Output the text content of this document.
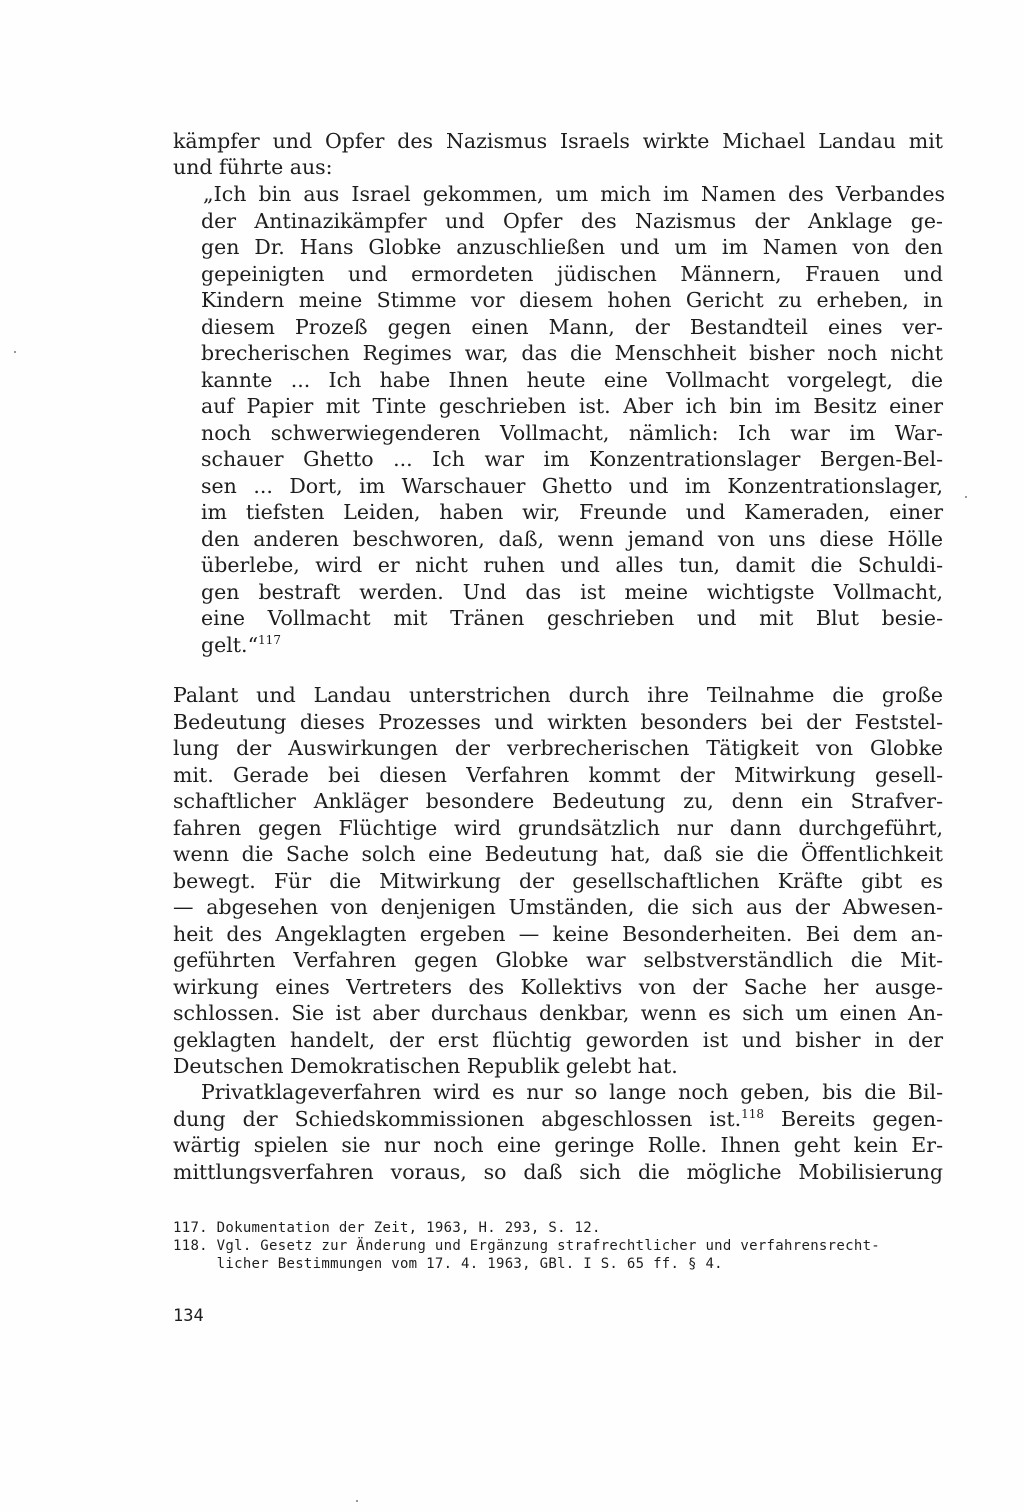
kämpfer und Opfer des Nazismus Israels wirkte Michael Landau mit
und führte aus:
„Ich bin aus Israel gekommen, um mich im Namen des Verbandes
der Antinazikämpfer und Opfer des Nazismus der Anklage ge-
gen Dr. Hans Globke anzuschließen und um im Namen von den
gepeinigten und ermordeten jüdischen Männern, Frauen und
Kindern meine Stimme vor diesem hohen Gericht zu erheben, in
diesem Prozeß gegen einen Mann, der Bestandteil eines ver-
brecherischen Regimes war, das die Menschheit bisher noch nicht
kannte ... Ich habe Ihnen heute eine Vollmacht vorgelegt, die
auf Papier mit Tinte geschrieben ist. Aber ich bin im Besitz einer
noch schwerwiegenderen Vollmacht, nämlich: Ich war im War-
schauer Ghetto ... Ich war im Konzentrationslager Bergen-Bel-
sen ... Dort, im Warschauer Ghetto und im Konzentrationslager,
im tiefsten Leiden, haben wir, Freunde und Kameraden, einer
den anderen beschworen, daß, wenn jemand von uns diese Hölle
überlebe, wird er nicht ruhen und alles tun, damit die Schuldi-
gen bestraft werden. Und das ist meine wichtigste Vollmacht,
eine Vollmacht mit Tränen geschrieben und mit Blut besie-
gelt.“$^{117}$
Palant und Landau unterstrichen durch ihre Teilnahme die große
Bedeutung dieses Prozesses und wirkten besonders bei der Feststel-
lung der Auswirkungen der verbrecherischen Tätigkeit von Globke
mit. Gerade bei diesen Verfahren kommt der Mitwirkung gesell-
schaftlicher Ankläger besondere Bedeutung zu, denn ein Strafver-
fahren gegen Flüchtige wird grundsätzlich nur dann durchgeführt,
wenn die Sache solch eine Bedeutung hat, daß sie die Öffentlichkeit
bewegt. Für die Mitwirkung der gesellschaftlichen Kräfte gibt es
— abgesehen von denjenigen Umständen, die sich aus der Abwesen-
heit des Angeklagten ergeben — keine Besonderheiten. Bei dem an-
geführten Verfahren gegen Globke war selbstverständlich die Mit-
wirkung eines Vertreters des Kollektivs von der Sache her ausge-
schlossen. Sie ist aber durchaus denkbar, wenn es sich um einen An-
geklagten handelt, der erst flüchtig geworden ist und bisher in der
Deutschen Demokratischen Republik gelebt hat.
Privatklageverfahren wird es nur so lange noch geben, bis die Bil-
dung der Schiedskommissionen abgeschlossen ist.$^{118}$ Bereits gegen-
wärtig spielen sie nur noch eine geringe Rolle. Ihnen geht kein Er-
mittlungsverfahren voraus, so daß sich die mögliche Mobilisierung
117. Dokumentation der Zeit, 1963, H. 293, S. 12.
118. Vgl. Gesetz zur Änderung und Ergänzung strafrechtlicher und verfahrensrecht-
licher Bestimmungen vom 17. 4. 1963, GBl. I S. 65 ff. § 4.
134
